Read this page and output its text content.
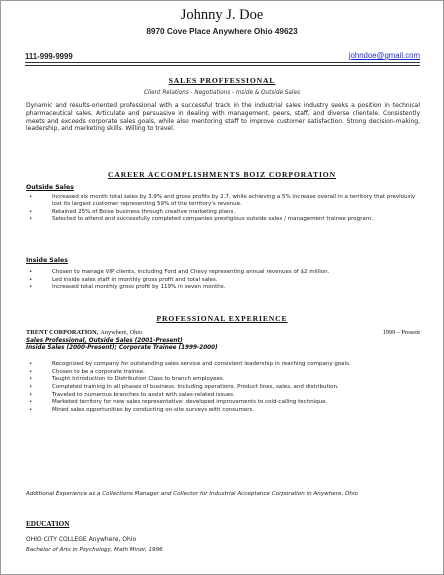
Johnny J. Doe
8970 Cove Place Anywhere Ohio 49623
111-999-9999	johndoe@gmail.com
SALES PROFFESSIONAL
Client Relations - Negotiations - Inside & Outside Sales
Dynamic and results-oriented professional with a successful track in the industrial sales industry seeks a position in technical pharmaceutical sales. Articulate and persuasive in dealing with management, peers, staff, and diverse clientele. Consistently meets and exceeds corporate sales goals, while also mentoring staff to improve customer satisfaction. Strong decision-making, leadership, and marketing skills. Willing to travel.
CAREER ACCOMPLISHMENTS BOIZ CORPORATION
Outside Sales
•	Increased six month total sales by 3.9% and gross profits by 2.7, while achieving a 5% increase overall in a territory that previously lost its largest customer representing 59% of the territory's revenue.
•	Retained 25% of Boise business through creative marketing plans.
•	Selected to attend and successfully completed companies prestigious outside sales / management trainee program.
Inside Sales
•	Chosen to manage VIP clients, including Ford and Chevy representing annual revenues of $2 million.
•	Led inside sales staff in monthly gross profit and total sales.
•	Increased total monthly gross profit by 119% in seven months.
PROFESSIONAL EXPERIENCE
TRENT CORPORATION, Anywhere, Ohio	1999 – Present
Sales Professional, Outside Sales (2001-Present)
Inside Sales (2000-Present); Corporate Trainee (1999-2000)
•	Recognized by company for outstanding sales service and consistent leadership in reaching company goals.
•	Chosen to be a corporate trainee.
•	Taught Introduction to Distribution Class to branch employees.
•	Completed training in all phases of business. Including operations. Product lines, sales, and distribution.
•	Traveled to numerous branches to assist with sales-related issues.
•	Marketed territory for new sales representative: developed improvements to cold-calling technique.
•	Mined sales opportunities by conducting on-site surveys with consumers.
Additional Experience as a Collections Manager and Collector for Industrial Acceptance Corporation in Anywhere, Ohio
EDUCATION
OHIO CITY COLLEGE Anywhere, Ohio
Bachelor of Arts in Psychology, Math Minor, 1996
